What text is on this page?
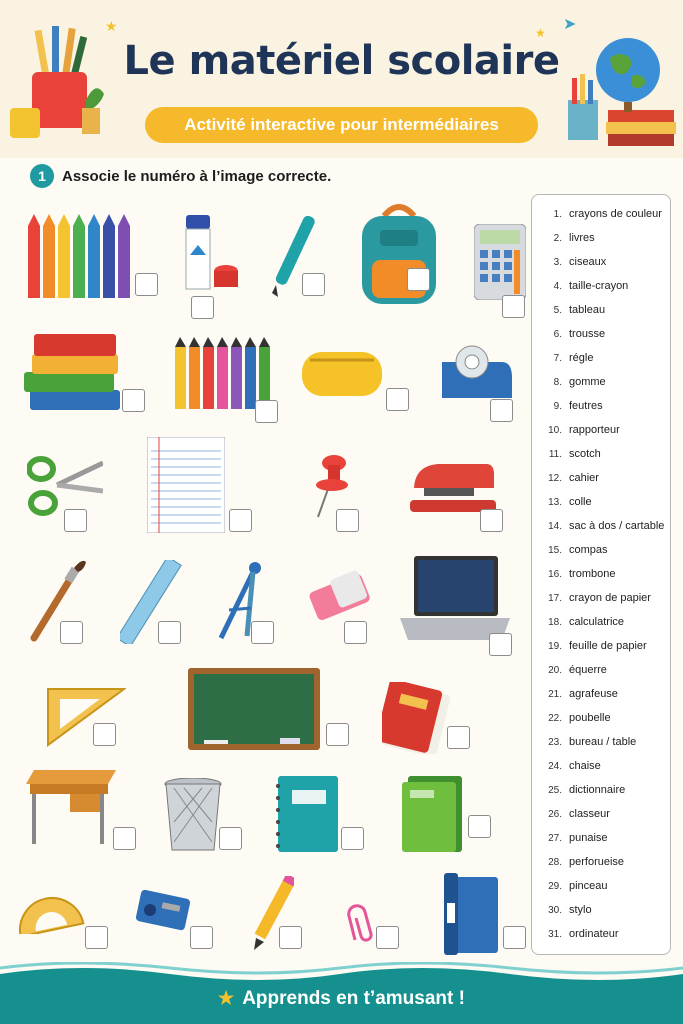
★	★ ➤
Le matériel scolaire
Activité interactive pour intermédiaires
1	Associe le numéro à l’image correcte.
1. crayons de couleur
2. livres
3. ciseaux
4. taille-crayon
5. tableau
6. trousse
7. régle
8. gomme
9. feutres
10. rapporteur
11. scotch
12. cahier
13. colle
14. sac à dos / cartable
15. compas
16. trombone
17. crayon de papier
18. calculatrice
19. feuille de papier
20. équerre
21. agrafeuse
22. poubelle
23. bureau / table
24. chaise
25. dictionnaire
26. classeur
27. punaise
28. perforueise
29. pinceau
30. stylo
31. ordinateur
★ Apprends en t’amusant !
